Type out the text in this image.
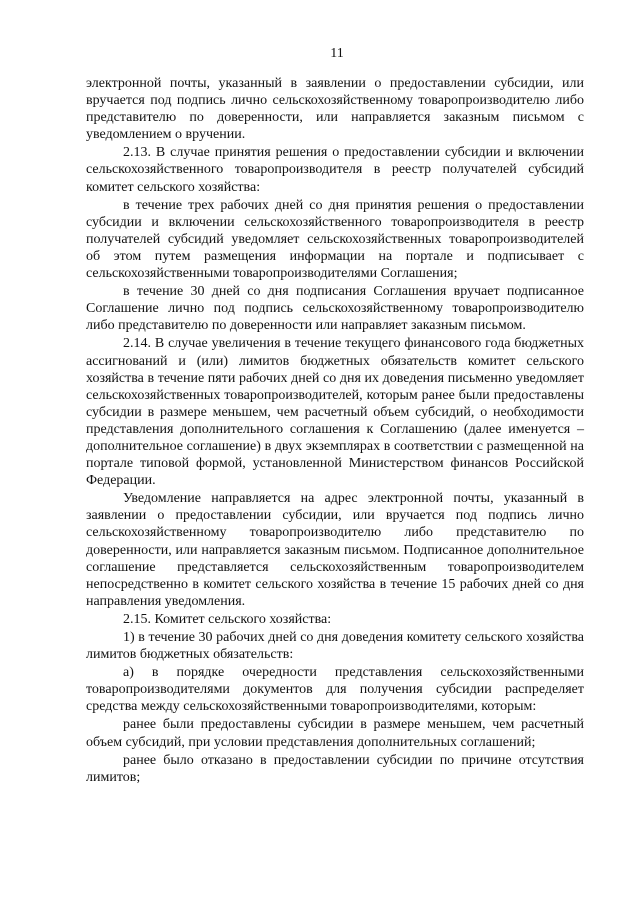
11

электронной почты, указанный в заявлении о предоставлении субсидии, или вручается под подпись лично сельскохозяйственному товаропроизводителю либо представителю по доверенности, или направляется заказным письмом с уведомлением о вручении.

2.13. В случае принятия решения о предоставлении субсидии и включении сельскохозяйственного товаропроизводителя в реестр получателей субсидий комитет сельского хозяйства:

в течение трех рабочих дней со дня принятия решения о предоставлении субсидии и включении сельскохозяйственного товаропроизводителя в реестр получателей субсидий уведомляет сельскохозяйственных товаропроизводителей об этом путем размещения информации на портале и подписывает с сельскохозяйственными товаропроизводителями Соглашения;

в течение 30 дней со дня подписания Соглашения вручает подписанное Соглашение лично под подпись сельскохозяйственному товаропроизводителю либо представителю по доверенности или направляет заказным письмом.

2.14. В случае увеличения в течение текущего финансового года бюджетных ассигнований и (или) лимитов бюджетных обязательств комитет сельского хозяйства в течение пяти рабочих дней со дня их доведения письменно уведомляет сельскохозяйственных товаропроизводителей, которым ранее были предоставлены субсидии в размере меньшем, чем расчетный объем субсидий, о необходимости представления дополнительного соглашения к Соглашению (далее именуется – дополнительное соглашение) в двух экземплярах в соответствии с размещенной на портале типовой формой, установленной Министерством финансов Российской Федерации.

Уведомление направляется на адрес электронной почты, указанный в заявлении о предоставлении субсидии, или вручается под подпись лично сельскохозяйственному товаропроизводителю либо представителю по доверенности, или направляется заказным письмом. Подписанное дополнительное соглашение представляется сельскохозяйственным товаропроизводителем непосредственно в комитет сельского хозяйства в течение 15 рабочих дней со дня направления уведомления.

2.15. Комитет сельского хозяйства:

1) в течение 30 рабочих дней со дня доведения комитету сельского хозяйства лимитов бюджетных обязательств:

а) в порядке очередности представления сельскохозяйственными товаропроизводителями документов для получения субсидии распределяет средства между сельскохозяйственными товаропроизводителями, которым:

ранее были предоставлены субсидии в размере меньшем, чем расчетный объем субсидий, при условии представления дополнительных соглашений;

ранее было отказано в предоставлении субсидии по причине отсутствия лимитов;
